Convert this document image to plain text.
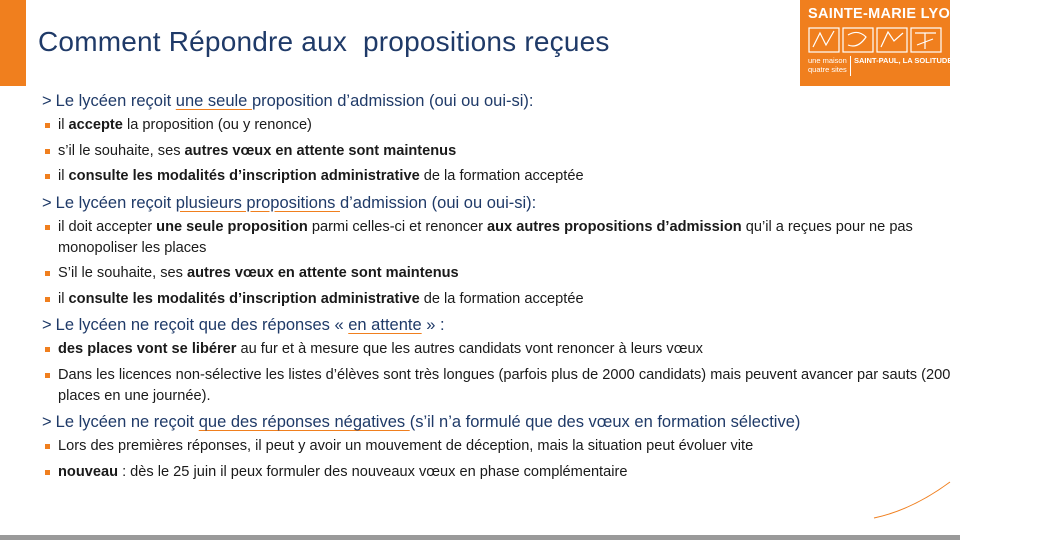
Comment Répondre aux  propositions reçues
SAINTE-MARIE LYON
une maison quatre sites
SAINT-PAUL, LA SOLITUDE LA VERPILLIÈRE, MADE IN
> Le lycéen reçoit une seule proposition d’admission (oui ou oui-si):
il accepte la proposition (ou y renonce)
s’il le souhaite, ses autres vœux en attente sont maintenus
il consulte les modalités d’inscription administrative de la formation acceptée
> Le lycéen reçoit plusieurs propositions d’admission (oui ou oui-si):
il doit accepter une seule proposition parmi celles-ci et renoncer aux autres propositions d’admission qu’il a reçues pour ne pas monopoliser les places
S’il le souhaite, ses autres vœux en attente sont maintenus
il consulte les modalités d’inscription administrative de la formation acceptée
> Le lycéen ne reçoit que des réponses « en attente » :
des places vont se libérer au fur et à mesure que les autres candidats vont renoncer à leurs vœux
Dans les licences non-sélective les listes d’élèves sont très longues (parfois plus de 2000 candidats) mais peuvent avancer par sauts (200 places en une journée).
> Le lycéen ne reçoit que des réponses négatives (s’il n’a formulé que des vœux en formation sélective)
Lors des premières réponses, il peut y avoir un mouvement de déception, mais la situation peut évoluer vite
nouveau : dès le 25 juin il peux formuler des nouveaux vœux en phase complémentaire
